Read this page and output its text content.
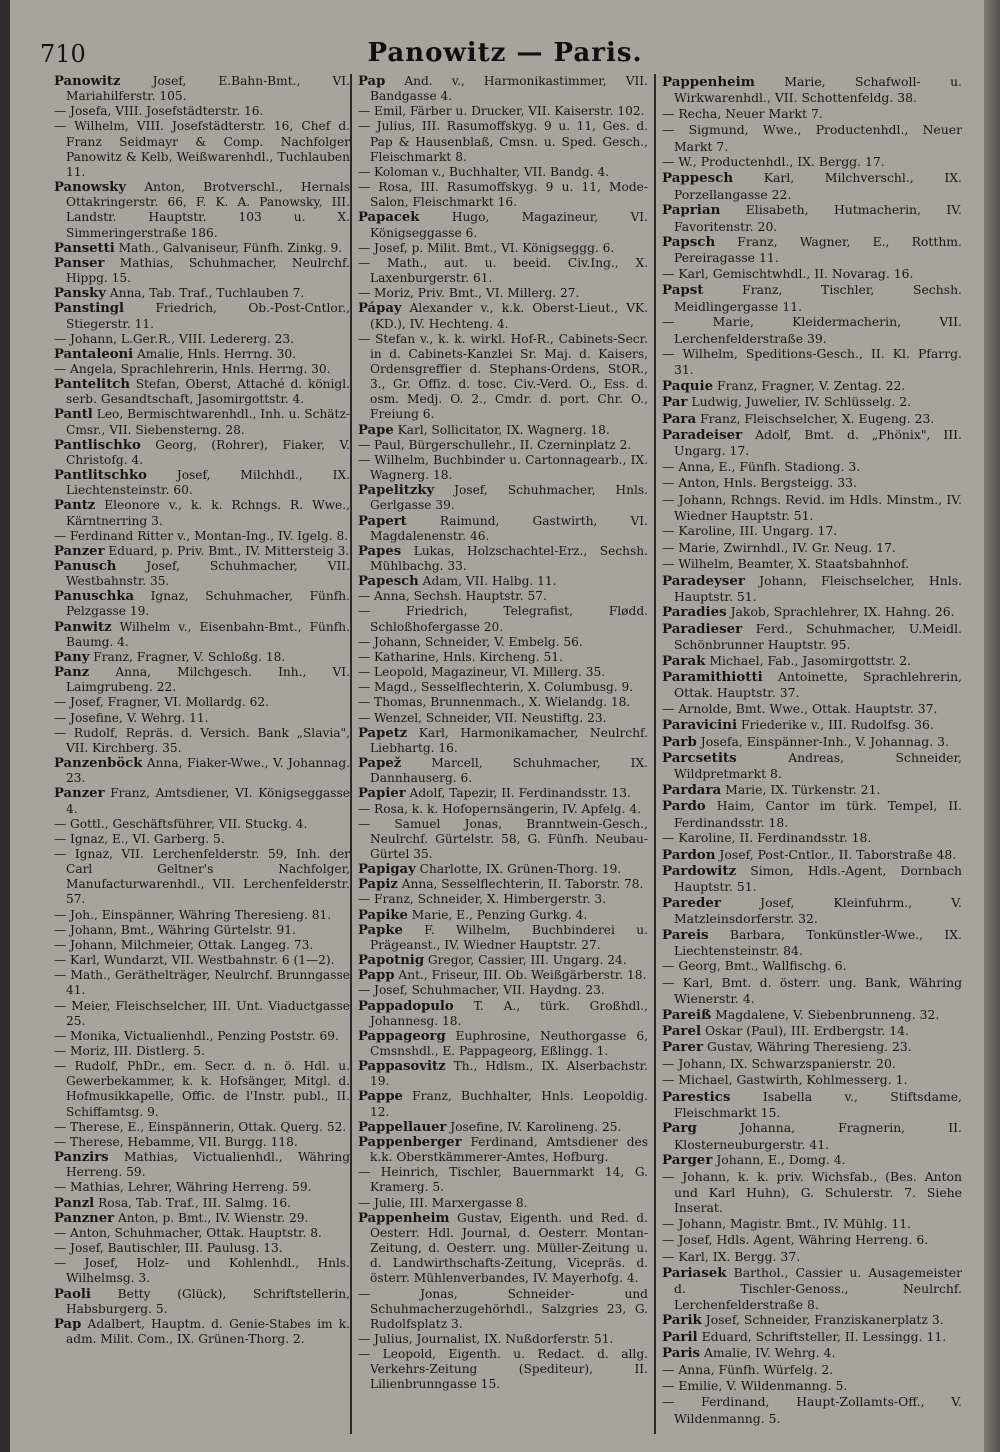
710	Panowitz — Paris.

Panowitz Josef, E.Bahn-Bmt., VI. Mariahilferstr. 105.

— Josefa, VIII. Josefstädterstr. 16.

— Wilhelm, VIII. Josefstädterstr. 16, Chef d. Franz Seidmayr & Comp. Nachfolger Panowitz & Kelb, Weißwarenhdl., Tuchlauben 11.

Panowsky Anton, Brotverschl., Hernals Ottakringerstr. 66, F. K. A. Panowsky, III. Landstr. Hauptstr. 103 u. X. Simmeringerstraße 186.

Pansetti Math., Galvaniseur, Fünfh. Zinkg. 9.

Panser Mathias, Schuhmacher, Neulrchf. Hippg. 15.

Pansky Anna, Tab. Traf., Tuchlauben 7.

Panstingl Friedrich, Ob.-Post-Cntlor., Stiegerstr. 11.

— Johann, L.Ger.R., VIII. Ledererg. 23.

Pantaleoni Amalie, Hnls. Herrng. 30.

— Angela, Sprachlehrerin, Hnls. Herrng. 30.

Pantelitch Stefan, Oberst, Attaché d. königl. serb. Gesandtschaft, Jasomirgottstr. 4.

Pantl Leo, Bermischtwarenhdl., Inh. u. Schätz-Cmsr., VII. Siebensterng. 28.

Pantlischko Georg, (Rohrer), Fiaker, V. Christofg. 4.

Pantlitschko Josef, Milchhdl., IX. Liechtensteinstr. 60.

Pantz Eleonore v., k. k. Rchngs. R. Wwe., Kärntnerring 3.

— Ferdinand Ritter v., Montan-Ing., IV. Igelg. 8.

Panzer Eduard, p. Priv. Bmt., IV. Mittersteig 3.

Panusch Josef, Schuhmacher, VII. Westbahnstr. 35.

Panuschka Ignaz, Schuhmacher, Fünfh. Pelzgasse 19.

Panwitz Wilhelm v., Eisenbahn-Bmt., Fünfh. Baumg. 4.

Pany Franz, Fragner, V. Schloßg. 18.

Panz Anna, Milchgesch. Inh., VI. Laimgrubeng. 22.

— Josef, Fragner, VI. Mollardg. 62.

— Josefine, V. Wehrg. 11.

— Rudolf, Repräs. d. Versich. Bank „Slavia", VII. Kirchberg. 35.

Panzenböck Anna, Fiaker-Wwe., V. Johannag. 23.

Panzer Franz, Amtsdiener, VI. Königseggasse 4.

— Gottl., Geschäftsführer, VII. Stuckg. 4.

— Ignaz, E., VI. Garberg. 5.

— Ignaz, VII. Lerchenfelderstr. 59, Inh. der Carl Geltner's Nachfolger, Manufacturwarenhdl., VII. Lerchenfelderstr. 57.

— Joh., Einspänner, Währing Theresieng. 81.

— Johann, Bmt., Währing Gürtelstr. 91.

— Johann, Milchmeier, Ottak. Langeg. 73.

— Karl, Wundarzt, VII. Westbahnstr. 6 (1—2).

— Math., Geräthelträger, Neulrchf. Brunngasse 41.

— Meier, Fleischselcher, III. Unt. Viaductgasse 25.

— Monika, Victualienhdl., Penzing Poststr. 69.

— Moriz, III. Distlerg. 5.

— Rudolf, PhDr., em. Secr. d. n. ö. Hdl. u. Gewerbekammer, k. k. Hofsänger, Mitgl. d. Hofmusikkapelle, Offic. de l'Instr. publ., II. Schiffamtsg. 9.

— Therese, E., Einspännerin, Ottak. Querg. 52.

— Therese, Hebamme, VII. Burgg. 118.

Panzirs Mathias, Victualienhdl., Währing Herreng. 59.

— Mathias, Lehrer, Währing Herreng. 59.

Panzl Rosa, Tab. Traf., III. Salmg. 16.

Panzner Anton, p. Bmt., IV. Wienstr. 29.

— Anton, Schuhmacher, Ottak. Hauptstr. 8.

— Josef, Bautischler, III. Paulusg. 13.

— Josef, Holz- und Kohlenhdl., Hnls. Wilhelmsg. 3.

Paoli Betty (Glück), Schriftstellerin, Habsburgerg. 5.

Pap Adalbert, Hauptm. d. Genie-Stabes im k. adm. Milit. Com., IX. Grünen-Thorg. 2.

Pap And. v., Harmonikastimmer, VII. Bandgasse 4.

— Emil, Färber u. Drucker, VII. Kaiserstr. 102.

— Julius, III. Rasumoffskyg. 9 u. 11, Ges. d. Pap & Hausenblaß, Cmsn. u. Sped. Gesch., Fleischmarkt 8.

— Koloman v., Buchhalter, VII. Bandg. 4.

— Rosa, III. Rasumoffskyg. 9 u. 11, Mode-Salon, Fleischmarkt 16.

Papacek Hugo, Magazineur, VI. Königseggasse 6.

— Josef, p. Milit. Bmt., VI. Königseggg. 6.

— Math., aut. u. beeid. Civ.Ing., X. Laxenburgerstr. 61.

— Moriz, Priv. Bmt., VI. Millerg. 27.

Pápay Alexander v., k.k. Oberst-Lieut., VK. (KD.), IV. Hechteng. 4.

— Stefan v., k. k. wirkl. Hof-R., Cabinets-Secr. in d. Cabinets-Kanzlei Sr. Maj. d. Kaisers, Ordensgreffier d. Stephans-Ordens, StOR., 3., Gr. Offiz. d. tosc. Civ.-Verd. O., Ess. d. osm. Medj. O. 2., Cmdr. d. port. Chr. O., Freiung 6.

Pape Karl, Sollicitator, IX. Wagnerg. 18.

— Paul, Bürgerschullehr., II. Czerninplatz 2.

— Wilhelm, Buchbinder u. Cartonnagearb., IX. Wagnerg. 18.

Papelitzky Josef, Schuhmacher, Hnls. Gerlgasse 39.

Papert Raimund, Gastwirth, VI. Magdalenenstr. 46.

Papes Lukas, Holzschachtel-Erz., Sechsh. Mühlbachg. 33.

Papesch Adam, VII. Halbg. 11.

— Anna, Sechsh. Hauptstr. 57.

— Friedrich, Telegrafist, Flødd. Schloßhofergasse 20.

— Johann, Schneider, V. Embelg. 56.

— Katharine, Hnls. Kircheng. 51.

— Leopold, Magazineur, VI. Millerg. 35.

— Magd., Sesselflechterin, X. Columbusg. 9.

— Thomas, Brunnenmach., X. Wielandg. 18.

— Wenzel, Schneider, VII. Neustiftg. 23.

Papetz Karl, Harmonikamacher, Neulrchf. Liebhartg. 16.

Papež Marcell, Schuhmacher, IX. Dannhauserg. 6.

Papier Adolf, Tapezir, II. Ferdinandsstr. 13.

— Rosa, k. k. Hofopernsängerin, IV. Apfelg. 4.

— Samuel Jonas, Branntwein-Gesch., Neulrchf. Gürtelstr. 58, G. Fünfh. Neubau-Gürtel 35.

Papigay Charlotte, IX. Grünen-Thorg. 19.

Papiz Anna, Sesselflechterin, II. Taborstr. 78.

— Franz, Schneider, X. Himbergerstr. 3.

Papike Marie, E., Penzing Gurkg. 4.

Papke F. Wilhelm, Buchbinderei u. Prägeanst., IV. Wiedner Hauptstr. 27.

Papotnig Gregor, Cassier, III. Ungarg. 24.

Papp Ant., Friseur, III. Ob. Weißgärberstr. 18.

— Josef, Schuhmacher, VII. Haydng. 23.

Pappadopulo T. A., türk. Großhdl., Johannesg. 18.

Pappageorg Euphrosine, Neuthorgasse 6, Cmsnshdl., E. Pappageorg, Eßlingg. 1.

Pappasovitz Th., Hdlsm., IX. Alserbachstr. 19.

Pappe Franz, Buchhalter, Hnls. Leopoldig. 12.

Pappellauer Josefine, IV. Karolineng. 25.

Pappenberger Ferdinand, Amtsdiener des k.k. Oberstkämmerer-Amtes, Hofburg.

— Heinrich, Tischler, Bauernmarkt 14, G. Kramerg. 5.

— Julie, III. Marxergasse 8.

Pappenheim Gustav, Eigenth. und Red. d. Oesterr. Hdl. Journal, d. Oesterr. Montan-Zeitung, d. Oesterr. ung. Müller-Zeitung u. d. Landwirthschafts-Zeitung, Vicepräs. d. österr. Mühlenverbandes, IV. Mayerhofg. 4.

— Jonas, Schneider- und Schuhmacherzugehörhdl., Salzgries 23, G. Rudolfsplatz 3.

— Julius, Journalist, IX. Nußdorferstr. 51.

— Leopold, Eigenth. u. Redact. d. allg. Verkehrs-Zeitung (Spediteur), II. Lilienbrunngasse 15.

Pappenheim Marie, Schafwoll- u. Wirkwarenhdl., VII. Schottenfeldg. 38.

— Recha, Neuer Markt 7.

— Sigmund, Wwe., Productenhdl., Neuer Markt 7.

— W., Productenhdl., IX. Bergg. 17.

Pappesch Karl, Milchverschl., IX. Porzellangasse 22.

Paprian Elisabeth, Hutmacherin, IV. Favoritenstr. 20.

Papsch Franz, Wagner, E., Rotthm. Pereiragasse 11.

— Karl, Gemischtwhdl., II. Novarag. 16.

Papst Franz, Tischler, Sechsh. Meidlingergasse 11.

— Marie, Kleidermacherin, VII. Lerchenfelderstraße 39.

— Wilhelm, Speditions-Gesch., II. Kl. Pfarrg. 31.

Paquie Franz, Fragner, V. Zentag. 22.

Par Ludwig, Juwelier, IV. Schlüsselg. 2.

Para Franz, Fleischselcher, X. Eugeng. 23.

Paradeiser Adolf, Bmt. d. „Phönix", III. Ungarg. 17.

— Anna, E., Fünfh. Stadiong. 3.

— Anton, Hnls. Bergsteigg. 33.

— Johann, Rchngs. Revid. im Hdls. Minstm., IV. Wiedner Hauptstr. 51.

— Karoline, III. Ungarg. 17.

— Marie, Zwirnhdl., IV. Gr. Neug. 17.

— Wilhelm, Beamter, X. Staatsbahnhof.

Paradeyser Johann, Fleischselcher, Hnls. Hauptstr. 51.

Paradies Jakob, Sprachlehrer, IX. Hahng. 26.

Paradieser Ferd., Schuhmacher, U.Meidl. Schönbrunner Hauptstr. 95.

Parak Michael, Fab., Jasomirgottstr. 2.

Paramithiotti Antoinette, Sprachlehrerin, Ottak. Hauptstr. 37.

— Arnolde, Bmt. Wwe., Ottak. Hauptstr. 37.

Paravicini Friederike v., III. Rudolfsg. 36.

Parb Josefa, Einspänner-Inh., V. Johannag. 3.

Parcsetits Andreas, Schneider, Wildpretmarkt 8.

Pardara Marie, IX. Türkenstr. 21.

Pardo Haim, Cantor im türk. Tempel, II. Ferdinandsstr. 18.

— Karoline, II. Ferdinandsstr. 18.

Pardon Josef, Post-Cntlor., II. Taborstraße 48.

Pardowitz Simon, Hdls.-Agent, Dornbach Hauptstr. 51.

Pareder Josef, Kleinfuhrm., V. Matzleinsdorferstr. 32.

Pareis Barbara, Tonkünstler-Wwe., IX. Liechtensteinstr. 84.

— Georg, Bmt., Wallfischg. 6.

— Karl, Bmt. d. österr. ung. Bank, Währing Wienerstr. 4.

Pareiß Magdalene, V. Siebenbrunneng. 32.

Parel Oskar (Paul), III. Erdbergstr. 14.

Parer Gustav, Währing Theresieng. 23.

— Johann, IX. Schwarzspanierstr. 20.

— Michael, Gastwirth, Kohlmesserg. 1.

Parestics Isabella v., Stiftsdame, Fleischmarkt 15.

Parg Johanna, Fragnerin, II. Klosterneuburgerstr. 41.

Parger Johann, E., Domg. 4.

— Johann, k. k. priv. Wichsfab., (Bes. Anton und Karl Huhn), G. Schulerstr. 7. Siehe Inserat.

— Johann, Magistr. Bmt., IV. Mühlg. 11.

— Josef, Hdls. Agent, Währing Herreng. 6.

— Karl, IX. Bergg. 37.

Pariasek Barthol., Cassier u. Ausagemeister d. Tischler-Genoss., Neulrchf. Lerchenfelderstraße 8.

Parik Josef, Schneider, Franziskanerplatz 3.

Paril Eduard, Schriftsteller, II. Lessingg. 11.

Paris Amalie, IV. Wehrg. 4.

— Anna, Fünfh. Würfelg. 2.

— Emilie, V. Wildenmanng. 5.

— Ferdinand, Haupt-Zollamts-Off., V. Wildenmanng. 5.
